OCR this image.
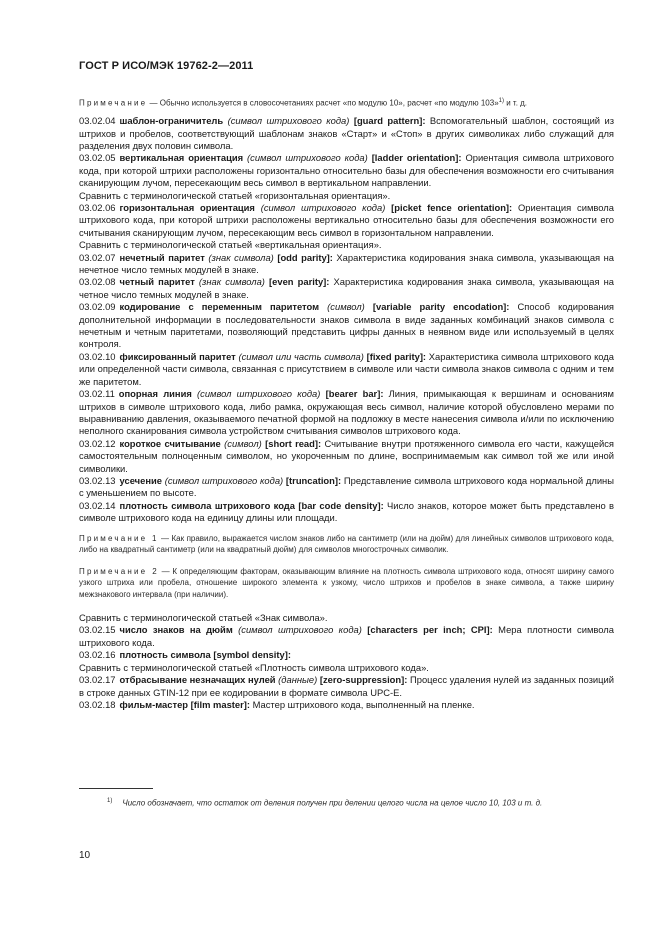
ГОСТ Р ИСО/МЭК 19762-2—2011

Примечание — Обычно используется в словосочетаниях расчет «по модулю 10», расчет «по модулю 103»$^{1)}$ и т. д.

03.02.04 шаблон-ограничитель (символ штрихового кода) [guard pattern]: Вспомогательный шаблон, состоящий из штрихов и пробелов, соответствующий шаблонам знаков «Старт» и «Стоп» в других символиках либо служащий для разделения двух половин символа.

03.02.05 вертикальная ориентация (символ штрихового кода) [ladder orientation]: Ориентация символа штрихового кода, при которой штрихи расположены горизонтально относительно базы для обеспечения возможности его считывания сканирующим лучом, пересекающим весь символ в вертикальном направлении.

Сравнить с терминологической статьей «горизонтальная ориентация».

03.02.06 горизонтальная ориентация (символ штрихового кода) [picket fence orientation]: Ориентация символа штрихового кода, при которой штрихи расположены вертикально относительно базы для обеспечения возможности его считывания сканирующим лучом, пересекающим весь символ в горизонтальном направлении.

Сравнить с терминологической статьей «вертикальная ориентация».

03.02.07 нечетный паритет (знак символа) [odd parity]: Характеристика кодирования знака символа, указывающая на нечетное число темных модулей в знаке.

03.02.08 четный паритет (знак символа) [even parity]: Характеристика кодирования знака символа, указывающая на четное число темных модулей в знаке.

03.02.09 кодирование с переменным паритетом (символ) [variable parity encodation]: Способ кодирования дополнительной информации в последовательности знаков символа в виде заданных комбинаций знаков символа с нечетным и четным паритетами, позволяющий представить цифры данных в неявном виде или используемый в целях контроля.

03.02.10 фиксированный паритет (символ или часть символа) [fixed parity]: Характеристика символа штрихового кода или определенной части символа, связанная с присутствием в символе или части символа знаков символа с одним и тем же паритетом.

03.02.11 опорная линия (символ штрихового кода) [bearer bar]: Линия, примыкающая к вершинам и основаниям штрихов в символе штрихового кода, либо рамка, окружающая весь символ, наличие которой обусловлено мерами по выравниванию давления, оказываемого печатной формой на подложку в месте нанесения символа и/или по исключению неполного сканирования символа устройством считывания символов штрихового кода.

03.02.12 короткое считывание (символ) [short read]: Считывание внутри протяженного символа его части, кажущейся самостоятельным полноценным символом, но укороченным по длине, воспринимаемым как символ той же или иной символики.

03.02.13 усечение (символ штрихового кода) [truncation]: Представление символа штрихового кода нормальной длины с уменьшением по высоте.

03.02.14 плотность символа штрихового кода [bar code density]: Число знаков, которое может быть представлено в символе штрихового кода на единицу длины или площади.

Примечание 1 — Как правило, выражается числом знаков либо на сантиметр (или на дюйм) для линейных символов штрихового кода, либо на квадратный сантиметр (или на квадратный дюйм) для символов многострочных символик.

Примечание 2 — К определяющим факторам, оказывающим влияние на плотность символа штрихового кода, относят ширину самого узкого штриха или пробела, отношение широкого элемента к узкому, число штрихов и пробелов в знаке символа, а также ширину межзнакового интервала (при наличии).

Сравнить с терминологической статьей «Знак символа».

03.02.15 число знаков на дюйм (символ штрихового кода) [characters per inch; CPI]: Мера плотности символа штрихового кода.

03.02.16 плотность символа [symbol density]:

Сравнить с терминологической статьей «Плотность символа штрихового кода».

03.02.17 отбрасывание незначащих нулей (данные) [zero-suppression]: Процесс удаления нулей из заданных позиций в строке данных GTIN-12 при ее кодировании в формате символа UPC-E.

03.02.18 фильм-мастер [film master]: Мастер штрихового кода, выполненный на пленке.

$^{1)}$ Число обозначает, что остаток от деления получен при делении целого числа на целое число 10, 103 и т. д.
10
